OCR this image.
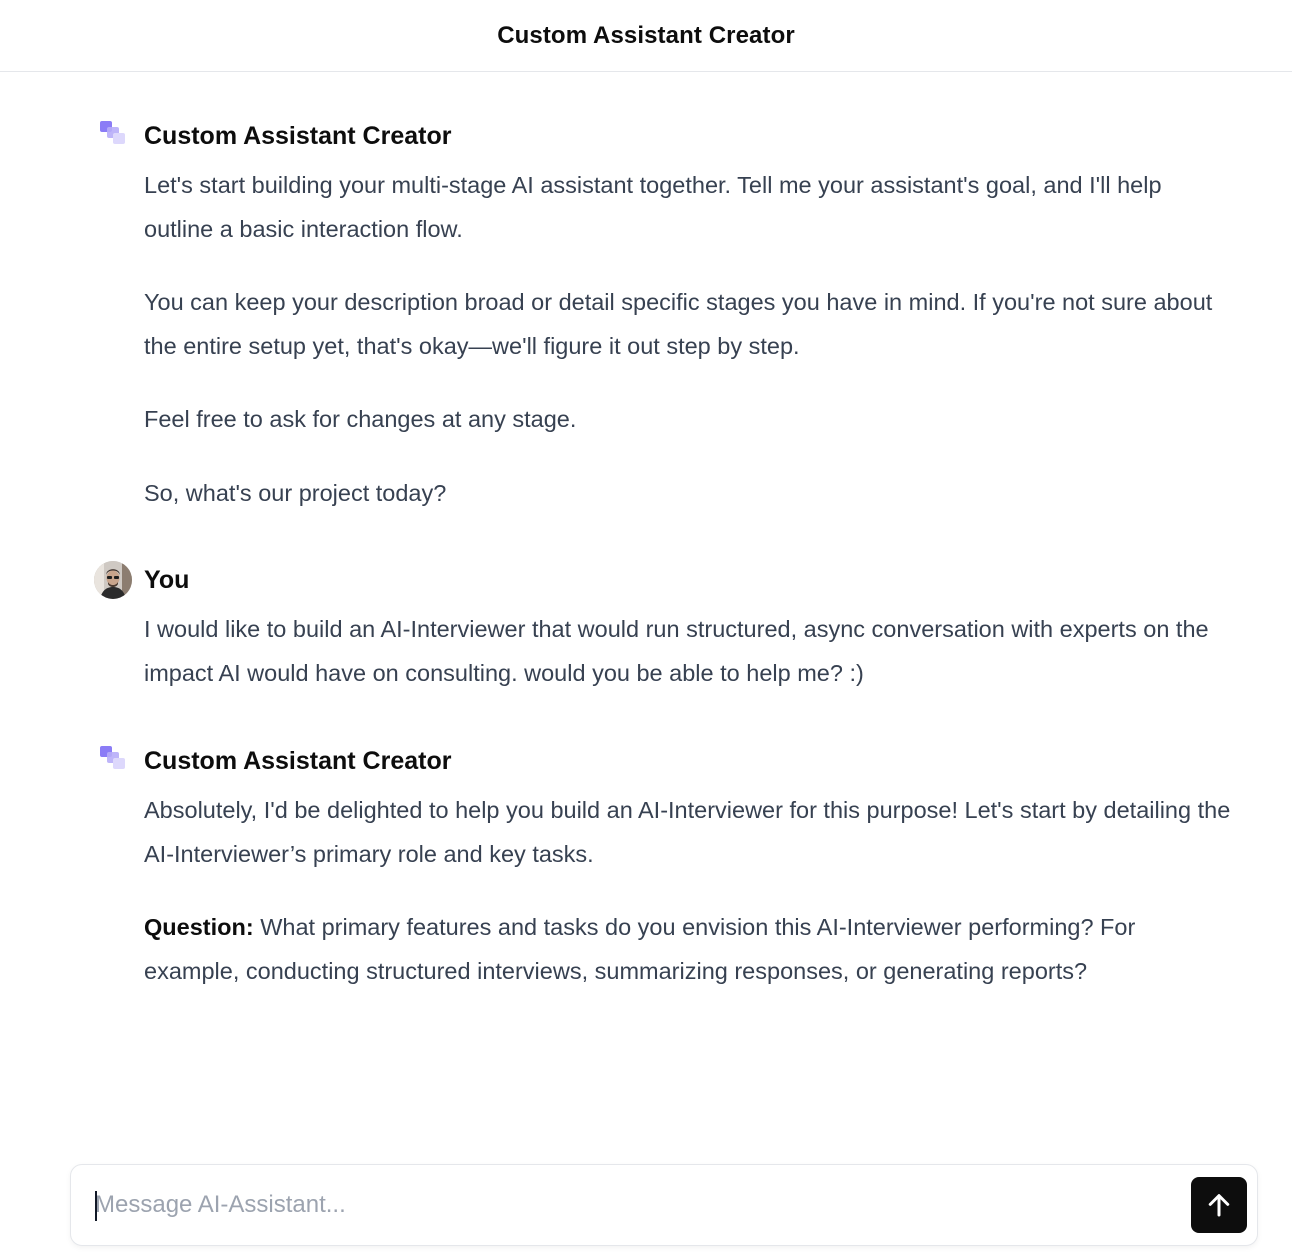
Custom Assistant Creator
Custom Assistant Creator

Let's start building your multi-stage AI assistant together. Tell me your assistant's goal, and I'll help outline a basic interaction flow.

You can keep your description broad or detail specific stages you have in mind. If you're not sure about the entire setup yet, that's okay—we'll figure it out step by step.

Feel free to ask for changes at any stage.

So, what's our project today?

You

I would like to build an AI-Interviewer that would run structured, async conversation with experts on the impact AI would have on consulting. would you be able to help me? :)

Custom Assistant Creator

Absolutely, I'd be delighted to help you build an AI-Interviewer for this purpose! Let's start by detailing the AI-Interviewer’s primary role and key tasks.

Question: What primary features and tasks do you envision this AI-Interviewer performing? For example, conducting structured interviews, summarizing responses, or generating reports?

Message AI-Assistant...
